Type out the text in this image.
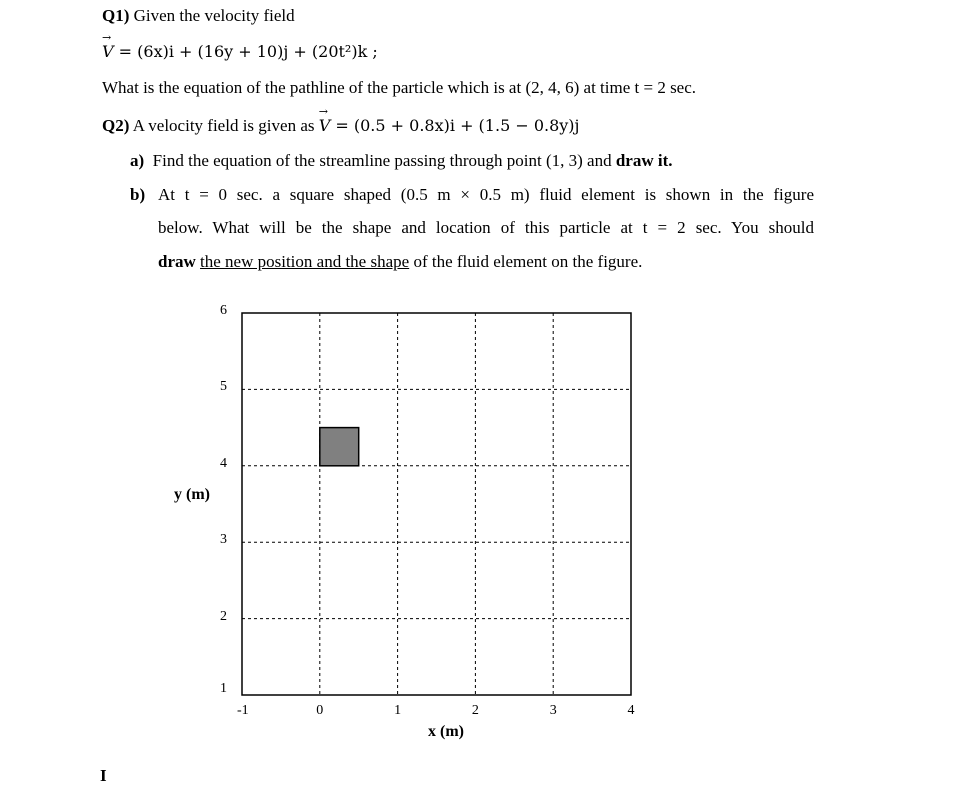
Q1) Given the velocity field
→ V = (6x)i + (16y + 10)j + (20t²)k ;
What is the equation of the pathline of the particle which is at (2, 4, 6) at time t = 2 sec.
Q2) A velocity field is given as → V = (0.5 + 0.8x)i + (1.5 − 0.8y)j
a) Find the equation of the streamline passing through point (1, 3) and draw it.
b) At t = 0 sec. a square shaped (0.5 m × 0.5 m) fluid element is shown in the figure
below. What will be the shape and location of this particle at t = 2 sec. You should
draw the new position and the shape of the fluid element on the figure.
y (m)
x (m)
-1	0	1	2	3	4
1
2
3
4
5
6
I
